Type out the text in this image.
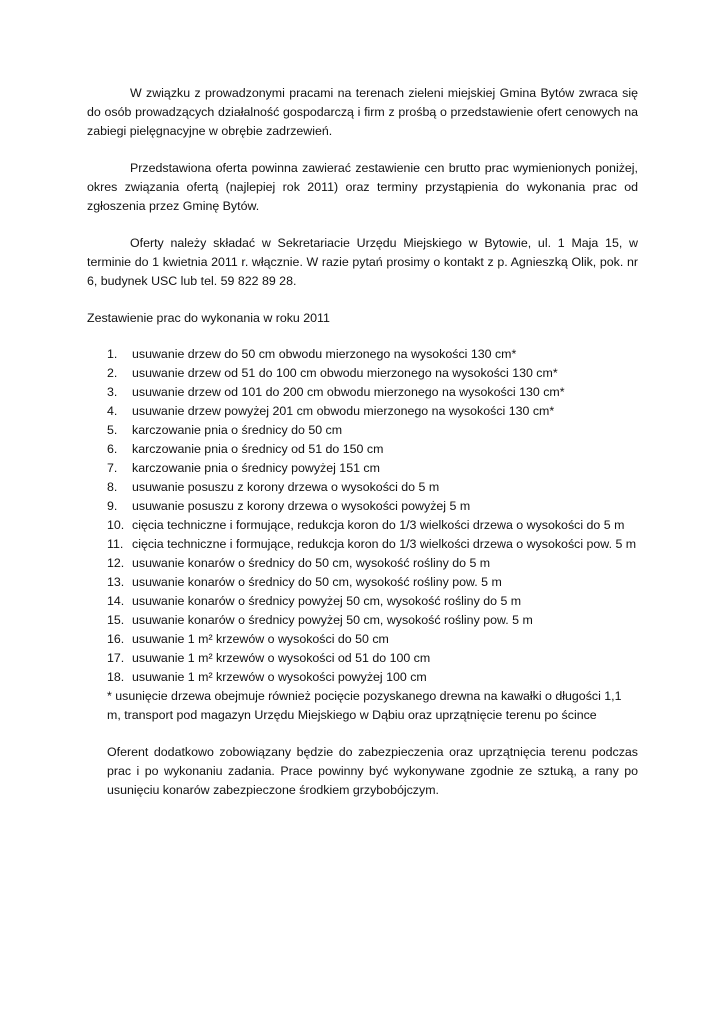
W związku z prowadzonymi pracami na terenach zieleni miejskiej Gmina Bytów zwraca się do osób prowadzących działalność gospodarczą i firm z prośbą o przedstawienie ofert cenowych na zabiegi pielęgnacyjne w obrębie zadrzewień.

Przedstawiona oferta powinna zawierać zestawienie cen brutto prac wymienionych poniżej, okres związania ofertą (najlepiej rok 2011) oraz terminy przystąpienia do wykonania prac od zgłoszenia przez Gminę Bytów.

Oferty należy składać w Sekretariacie Urzędu Miejskiego w Bytowie, ul. 1 Maja 15, w terminie do 1 kwietnia 2011 r. włącznie. W razie pytań prosimy o kontakt z p. Agnieszką Olik, pok. nr 6, budynek USC lub tel. 59 822 89 28.

Zestawienie prac do wykonania w roku 2011

1.	usuwanie drzew do 50 cm obwodu mierzonego na wysokości 130 cm*
2.	usuwanie drzew od 51 do 100 cm obwodu mierzonego na wysokości 130 cm*
3.	usuwanie drzew od 101 do 200 cm obwodu mierzonego na wysokości 130 cm*
4.	usuwanie drzew powyżej 201 cm obwodu mierzonego na wysokości 130 cm*
5.	karczowanie pnia o średnicy do 50 cm
6.	karczowanie pnia o średnicy od 51 do 150 cm
7.	karczowanie pnia o średnicy powyżej 151 cm
8.	usuwanie posuszu z korony drzewa o wysokości do 5 m
9.	usuwanie posuszu z korony drzewa o wysokości powyżej 5 m
10. cięcia techniczne i formujące, redukcja koron do 1/3 wielkości drzewa o wysokości do 5 m
11. cięcia techniczne i formujące, redukcja koron do 1/3 wielkości drzewa o wysokości pow. 5 m
12. usuwanie konarów o średnicy do 50 cm, wysokość rośliny do 5 m
13. usuwanie konarów o średnicy do 50 cm, wysokość rośliny pow. 5 m
14. usuwanie konarów o średnicy powyżej 50 cm, wysokość rośliny do 5 m
15. usuwanie konarów o średnicy powyżej 50 cm, wysokość rośliny pow. 5 m
16. usuwanie 1 m² krzewów o wysokości do 50 cm
17. usuwanie 1 m² krzewów o wysokości od 51 do 100 cm
18. usuwanie 1 m² krzewów o wysokości powyżej 100 cm

* usunięcie drzewa obejmuje również pocięcie pozyskanego drewna na kawałki o długości 1,1 m, transport pod magazyn Urzędu Miejskiego w Dąbiu oraz uprzątnięcie terenu po ścince

Oferent dodatkowo zobowiązany będzie do zabezpieczenia oraz uprzątnięcia terenu podczas prac i po wykonaniu zadania. Prace powinny być wykonywane zgodnie ze sztuką, a rany po usunięciu konarów zabezpieczone środkiem grzybobójczym.
